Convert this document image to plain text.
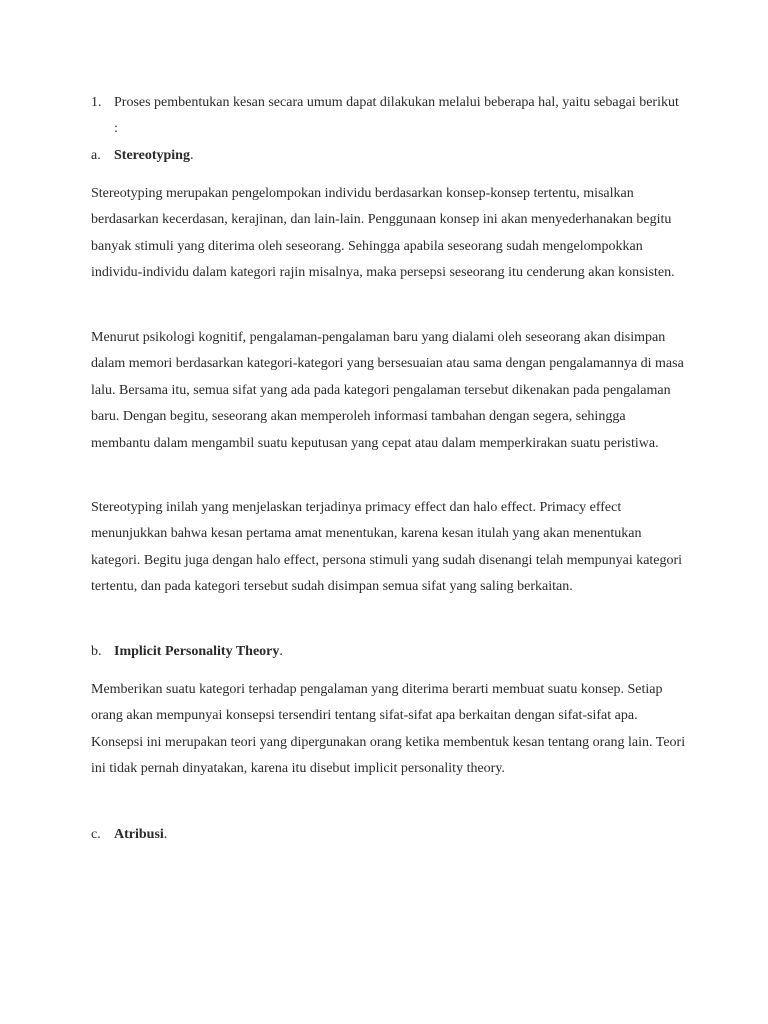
1. Proses pembentukan kesan secara umum dapat dilakukan melalui beberapa hal, yaitu sebagai berikut :
a. Stereotyping.

Stereotyping merupakan pengelompokan individu berdasarkan konsep-konsep tertentu, misalkan berdasarkan kecerdasan, kerajinan, dan lain-lain. Penggunaan konsep ini akan menyederhanakan begitu banyak stimuli yang diterima oleh seseorang. Sehingga apabila seseorang sudah mengelompokkan individu-individu dalam kategori rajin misalnya, maka persepsi seseorang itu cenderung akan konsisten.

Menurut psikologi kognitif, pengalaman-pengalaman baru yang dialami oleh seseorang akan disimpan dalam memori berdasarkan kategori-kategori yang bersesuaian atau sama dengan pengalamannya di masa lalu. Bersama itu, semua sifat yang ada pada kategori pengalaman tersebut dikenakan pada pengalaman baru. Dengan begitu, seseorang akan memperoleh informasi tambahan dengan segera, sehingga membantu dalam mengambil suatu keputusan yang cepat atau dalam memperkirakan suatu peristiwa.

Stereotyping inilah yang menjelaskan terjadinya primacy effect dan halo effect. Primacy effect menunjukkan bahwa kesan pertama amat menentukan, karena kesan itulah yang akan menentukan kategori. Begitu juga dengan halo effect, persona stimuli yang sudah disenangi telah mempunyai kategori tertentu, dan pada kategori tersebut sudah disimpan semua sifat yang saling berkaitan.

b. Implicit Personality Theory.

Memberikan suatu kategori terhadap pengalaman yang diterima berarti membuat suatu konsep. Setiap orang akan mempunyai konsepsi tersendiri tentang sifat-sifat apa berkaitan dengan sifat-sifat apa. Konsepsi ini merupakan teori yang dipergunakan orang ketika membentuk kesan tentang orang lain. Teori ini tidak pernah dinyatakan, karena itu disebut implicit personality theory.

c. Atribusi.
